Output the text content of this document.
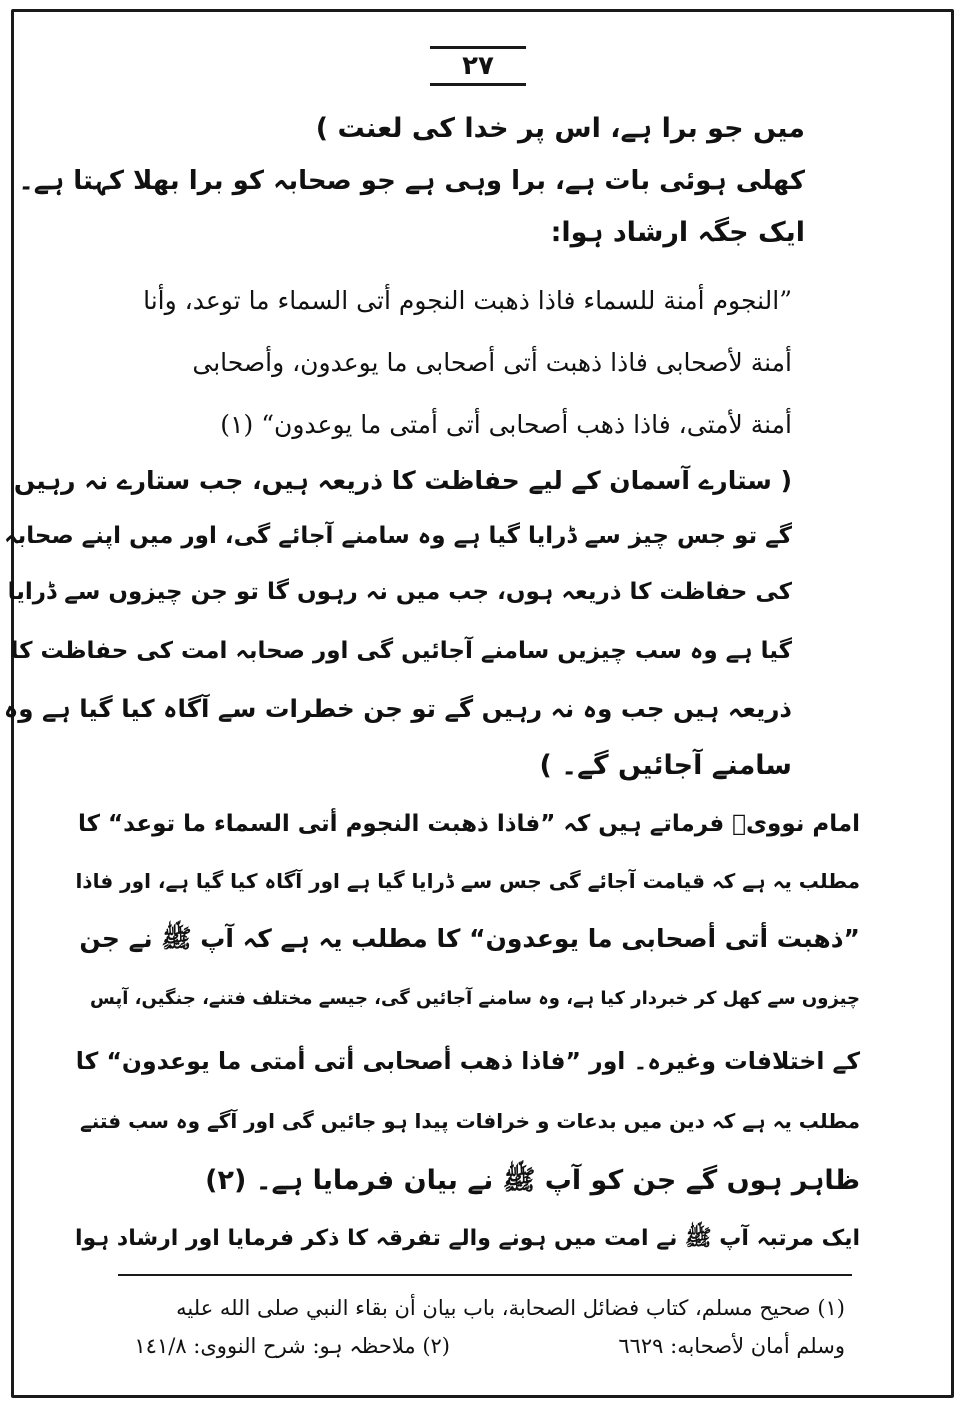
۲۷
میں جو برا ہے، اس پر خدا کی لعنت )
کھلی ہوئی بات ہے، برا وہی ہے جو صحابہ کو برا بھلا کہتا ہے۔
ایک جگہ ارشاد ہوا:
”النجوم أمنة للسماء فاذا ذهبت النجوم أتى السماء ما توعد، وأنا
أمنة لأصحابى فاذا ذهبت أتى أصحابى ما يوعدون، وأصحابى
أمنة لأمتى، فاذا ذهب أصحابى أتى أمتى ما يوعدون“ (١)
( ستارے آسمان کے لیے حفاظت کا ذریعہ ہیں، جب ستارے نہ رہیں
گے تو جس چیز سے ڈرایا گیا ہے وہ سامنے آجائے گی، اور میں اپنے صحابہ
کی حفاظت کا ذریعہ ہوں، جب میں نہ رہوں گا تو جن چیزوں سے ڈرایا
گیا ہے وہ سب چیزیں سامنے آجائیں گی اور صحابہ امت کی حفاظت کا
ذریعہ ہیں جب وہ نہ رہیں گے تو جن خطرات سے آگاہ کیا گیا ہے وہ
سامنے آجائیں گے۔ )
امام نوویؒ فرماتے ہیں کہ ”فاذا ذهبت النجوم أتى السماء ما توعد“ کا
مطلب یہ ہے کہ قیامت آجائے گی جس سے ڈرایا گیا ہے اور آگاہ کیا گیا ہے، اور فاذا
”ذهبت أتى أصحابى ما يوعدون“ کا مطلب یہ ہے کہ آپ ﷺ نے جن
چیزوں سے کھل کر خبردار کیا ہے، وہ سامنے آجائیں گی، جیسے مختلف فتنے، جنگیں، آپس
کے اختلافات وغیرہ۔ اور ”فاذا ذهب أصحابى أتى أمتى ما يوعدون“ کا
مطلب یہ ہے کہ دین میں بدعات و خرافات پیدا ہو جائیں گی اور آگے وہ سب فتنے
ظاہر ہوں گے جن کو آپ ﷺ نے بیان فرمایا ہے۔ (۲)
ایک مرتبہ آپ ﷺ نے امت میں ہونے والے تفرقہ کا ذکر فرمایا اور ارشاد ہوا
(١) صحيح مسلم، كتاب فضائل الصحابة، باب بيان أن بقاء النبي صلى الله عليه
وسلم أمان لأصحابه: ٦٦٢٩
(۲) ملاحظہ ہو: شرح النووی: ١٤١/٨
